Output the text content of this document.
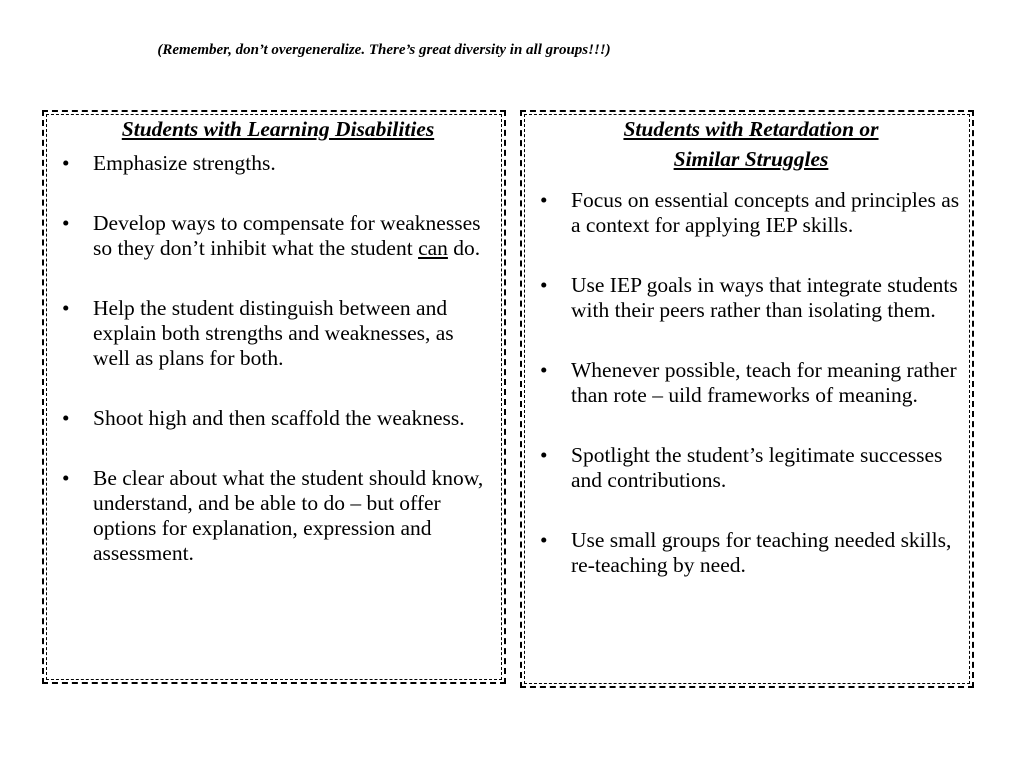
(Remember, don’t overgeneralize. There’s great diversity in all groups!!!)
Students with Learning Disabilities
• Emphasize strengths.
• Develop ways to compensate for weaknesses so they don’t inhibit what the student can do.
• Help the student distinguish between and explain both strengths and weaknesses, as well as plans for both.
• Shoot high and then scaffold the weakness.
• Be clear about what the student should know, understand, and be able to do – but offer options for explanation, expression and assessment.
Students with Retardation or
Similar Struggles
• Focus on essential concepts and principles as a context for applying IEP skills.
• Use IEP goals in ways that integrate students with their peers rather than isolating them.
• Whenever possible, teach for meaning rather than rote – uild frameworks of meaning.
• Spotlight the student’s legitimate successes and contributions.
• Use small groups for teaching needed skills, re-teaching by need.
